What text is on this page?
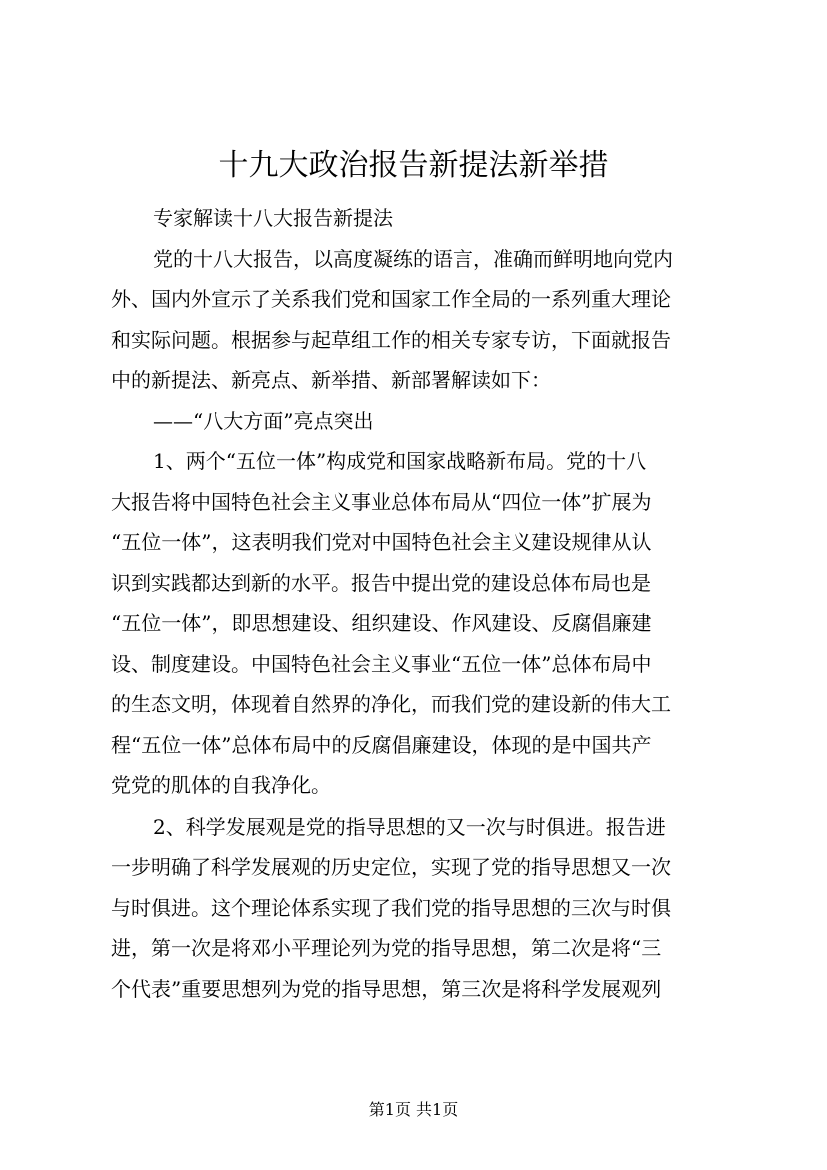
十九大政治报告新提法新举措
专家解读十八大报告新提法
党的十八大报告，以高度凝练的语言，准确而鲜明地向党内
外、国内外宣示了关系我们党和国家工作全局的一系列重大理论
和实际问题。根据参与起草组工作的相关专家专访，下面就报告
中的新提法、新亮点、新举措、新部署解读如下：
——“八大方面”亮点突出
1、两个“五位一体”构成党和国家战略新布局。党的十八
大报告将中国特色社会主义事业总体布局从“四位一体”扩展为
“五位一体”，这表明我们党对中国特色社会主义建设规律从认
识到实践都达到新的水平。报告中提出党的建设总体布局也是
“五位一体”，即思想建设、组织建设、作风建设、反腐倡廉建
设、制度建设。中国特色社会主义事业“五位一体”总体布局中
的生态文明，体现着自然界的净化，而我们党的建设新的伟大工
程“五位一体”总体布局中的反腐倡廉建设，体现的是中国共产
党党的肌体的自我净化。
2、科学发展观是党的指导思想的又一次与时俱进。报告进
一步明确了科学发展观的历史定位，实现了党的指导思想又一次
与时俱进。这个理论体系实现了我们党的指导思想的三次与时俱
进，第一次是将邓小平理论列为党的指导思想，第二次是将“三
个代表”重要思想列为党的指导思想，第三次是将科学发展观列
第1页 共1页
